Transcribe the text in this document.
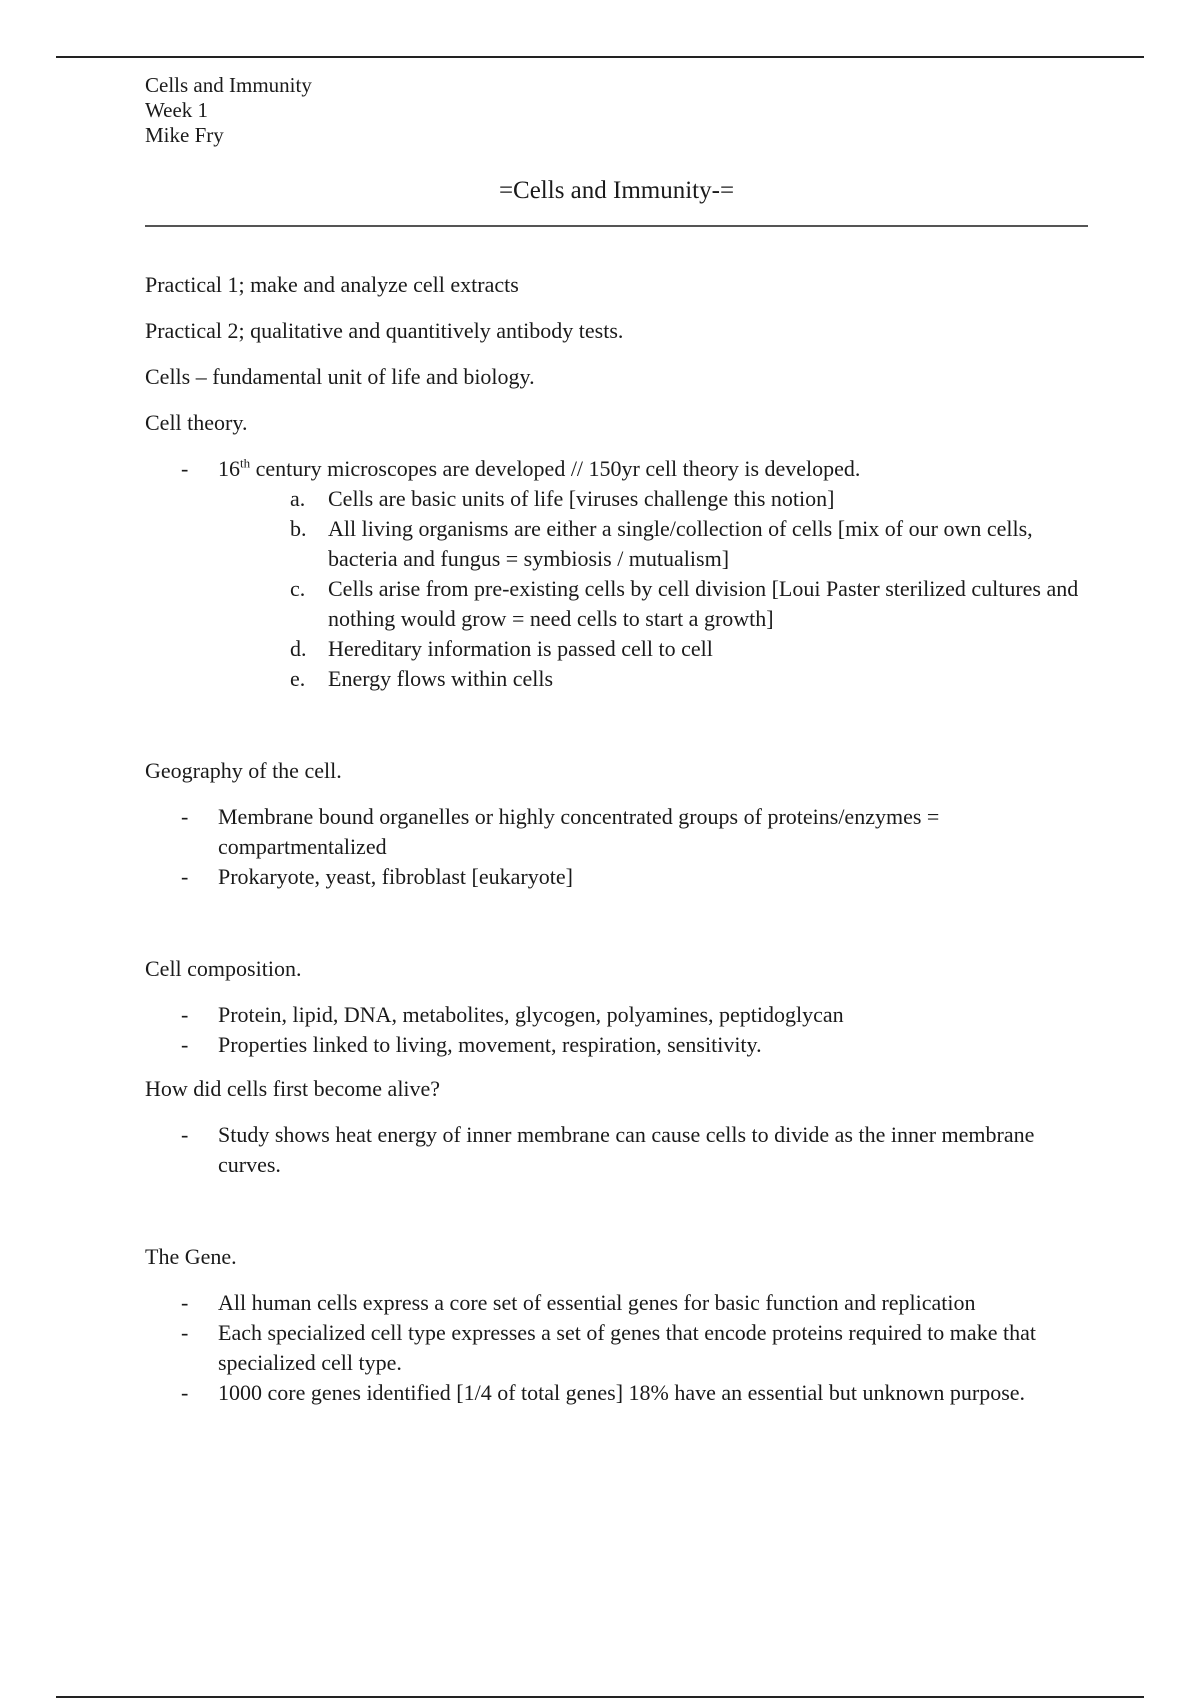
Cells and Immunity
Week 1
Mike Fry
=Cells and Immunity-=

Practical 1; make and analyze cell extracts

Practical 2; qualitative and quantitively antibody tests.

Cells – fundamental unit of life and biology.

Cell theory.

- 16th century microscopes are developed // 150yr cell theory is developed.
a. Cells are basic units of life [viruses challenge this notion]
b. All living organisms are either a single/collection of cells [mix of our own cells, bacteria and fungus = symbiosis / mutualism]
c. Cells arise from pre-existing cells by cell division [Loui Paster sterilized cultures and nothing would grow = need cells to start a growth]
d. Hereditary information is passed cell to cell
e. Energy flows within cells

Geography of the cell.

- Membrane bound organelles or highly concentrated groups of proteins/enzymes = compartmentalized
- Prokaryote, yeast, fibroblast [eukaryote]

Cell composition.

- Protein, lipid, DNA, metabolites, glycogen, polyamines, peptidoglycan
- Properties linked to living, movement, respiration, sensitivity.

How did cells first become alive?

- Study shows heat energy of inner membrane can cause cells to divide as the inner membrane curves.

The Gene.

- All human cells express a core set of essential genes for basic function and replication
- Each specialized cell type expresses a set of genes that encode proteins required to make that specialized cell type.
- 1000 core genes identified [1/4 of total genes] 18% have an essential but unknown purpose.
